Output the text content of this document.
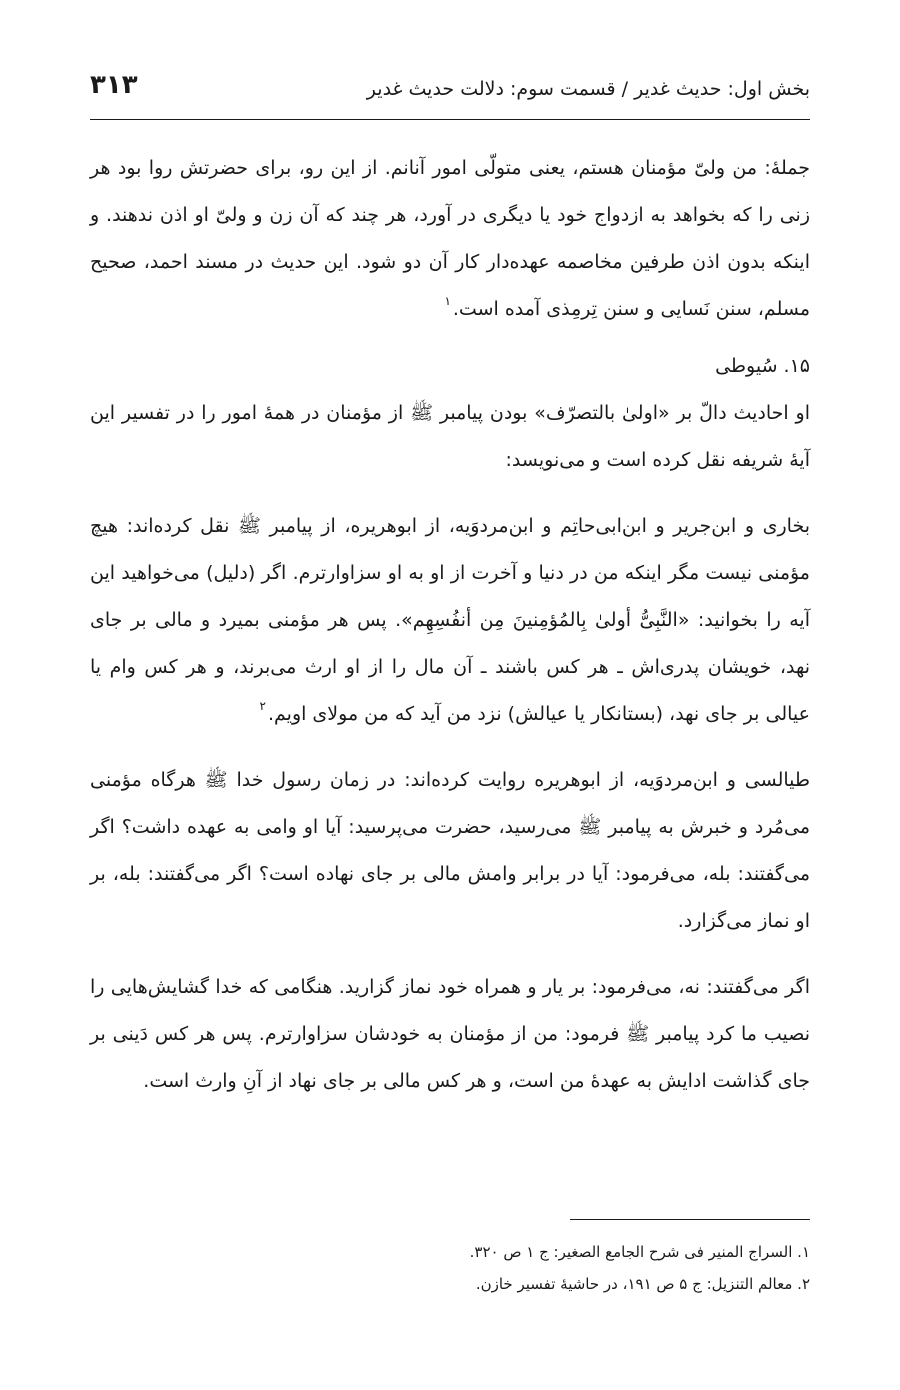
بخش اول: حدیث غدیر / قسمت سوم: دلالت حدیث غدیر
۳۱۳

جملهٔ: من ولیّ مؤمنان هستم، یعنی متولّی امور آنانم. از این رو، برای حضرتش روا بود هر زنی را که بخواهد به ازدواج خود یا دیگری در آورد، هر چند که آن زن و ولیّ او اذن ندهند. و اینکه بدون اذن طرفین مخاصمه عهده‌دار کار آن دو شود. این حدیث در مسند احمد، صحیح مسلم، سنن نَسایی و سنن تِرمِذی آمده است.$^۱$

۱۵. سُیوطی

او احادیث دالّ بر «اولیٰ بالتصرّف» بودن پیامبر ﷺ از مؤمنان در همهٔ امور را در تفسیر این آیهٔ شریفه نقل کرده است و می‌نویسد:

بخاری و ابن‌جریر و ابن‌ابی‌حاتِم و ابن‌مردوَیه، از ابوهریره، از پیامبر ﷺ نقل کرده‌اند: هیچ مؤمنی نیست مگر اینکه من در دنیا و آخرت از او به او سزاوارترم. اگر (دلیل) می‌خواهید این آیه را بخوانید: «النَّبِیُّ أولیٰ بِالمُؤمِنینَ مِن أنفُسِهِم». پس هر مؤمنی بمیرد و مالی بر جای نهد، خویشان پدری‌اش ـ هر کس باشند ـ آن مال را از او ارث می‌برند، و هر کس وام یا عیالی بر جای نهد، (بستانکار یا عیالش) نزد من آید که من مولای اویم.$^۲$

طیالسی و ابن‌مردوَیه، از ابوهریره روایت کرده‌اند: در زمان رسول خدا ﷺ هرگاه مؤمنی می‌مُرد و خبرش به پیامبر ﷺ می‌رسید، حضرت می‌پرسید: آیا او وامی به عهده داشت؟ اگر می‌گفتند: بله، می‌فرمود: آیا در برابر وامش مالی بر جای نهاده است؟ اگر می‌گفتند: بله، بر او نماز می‌گزارد.

اگر می‌گفتند: نه، می‌فرمود: بر یار و همراه خود نماز گزارید. هنگامی که خدا گشایش‌هایی را نصیب ما کرد پیامبر ﷺ فرمود: من از مؤمنان به خودشان سزاوارترم. پس هر کس دَینی بر جای گذاشت ادایش به عهدهٔ من است، و هر کس مالی بر جای نهاد از آنِ وارث است.

۱. السراج المنیر فی شرح الجامع الصغیر: ج ۱ ص ۳۲۰.

۲. معالم التنزیل: ج ۵ ص ۱۹۱، در حاشیهٔ تفسیر خازن.
